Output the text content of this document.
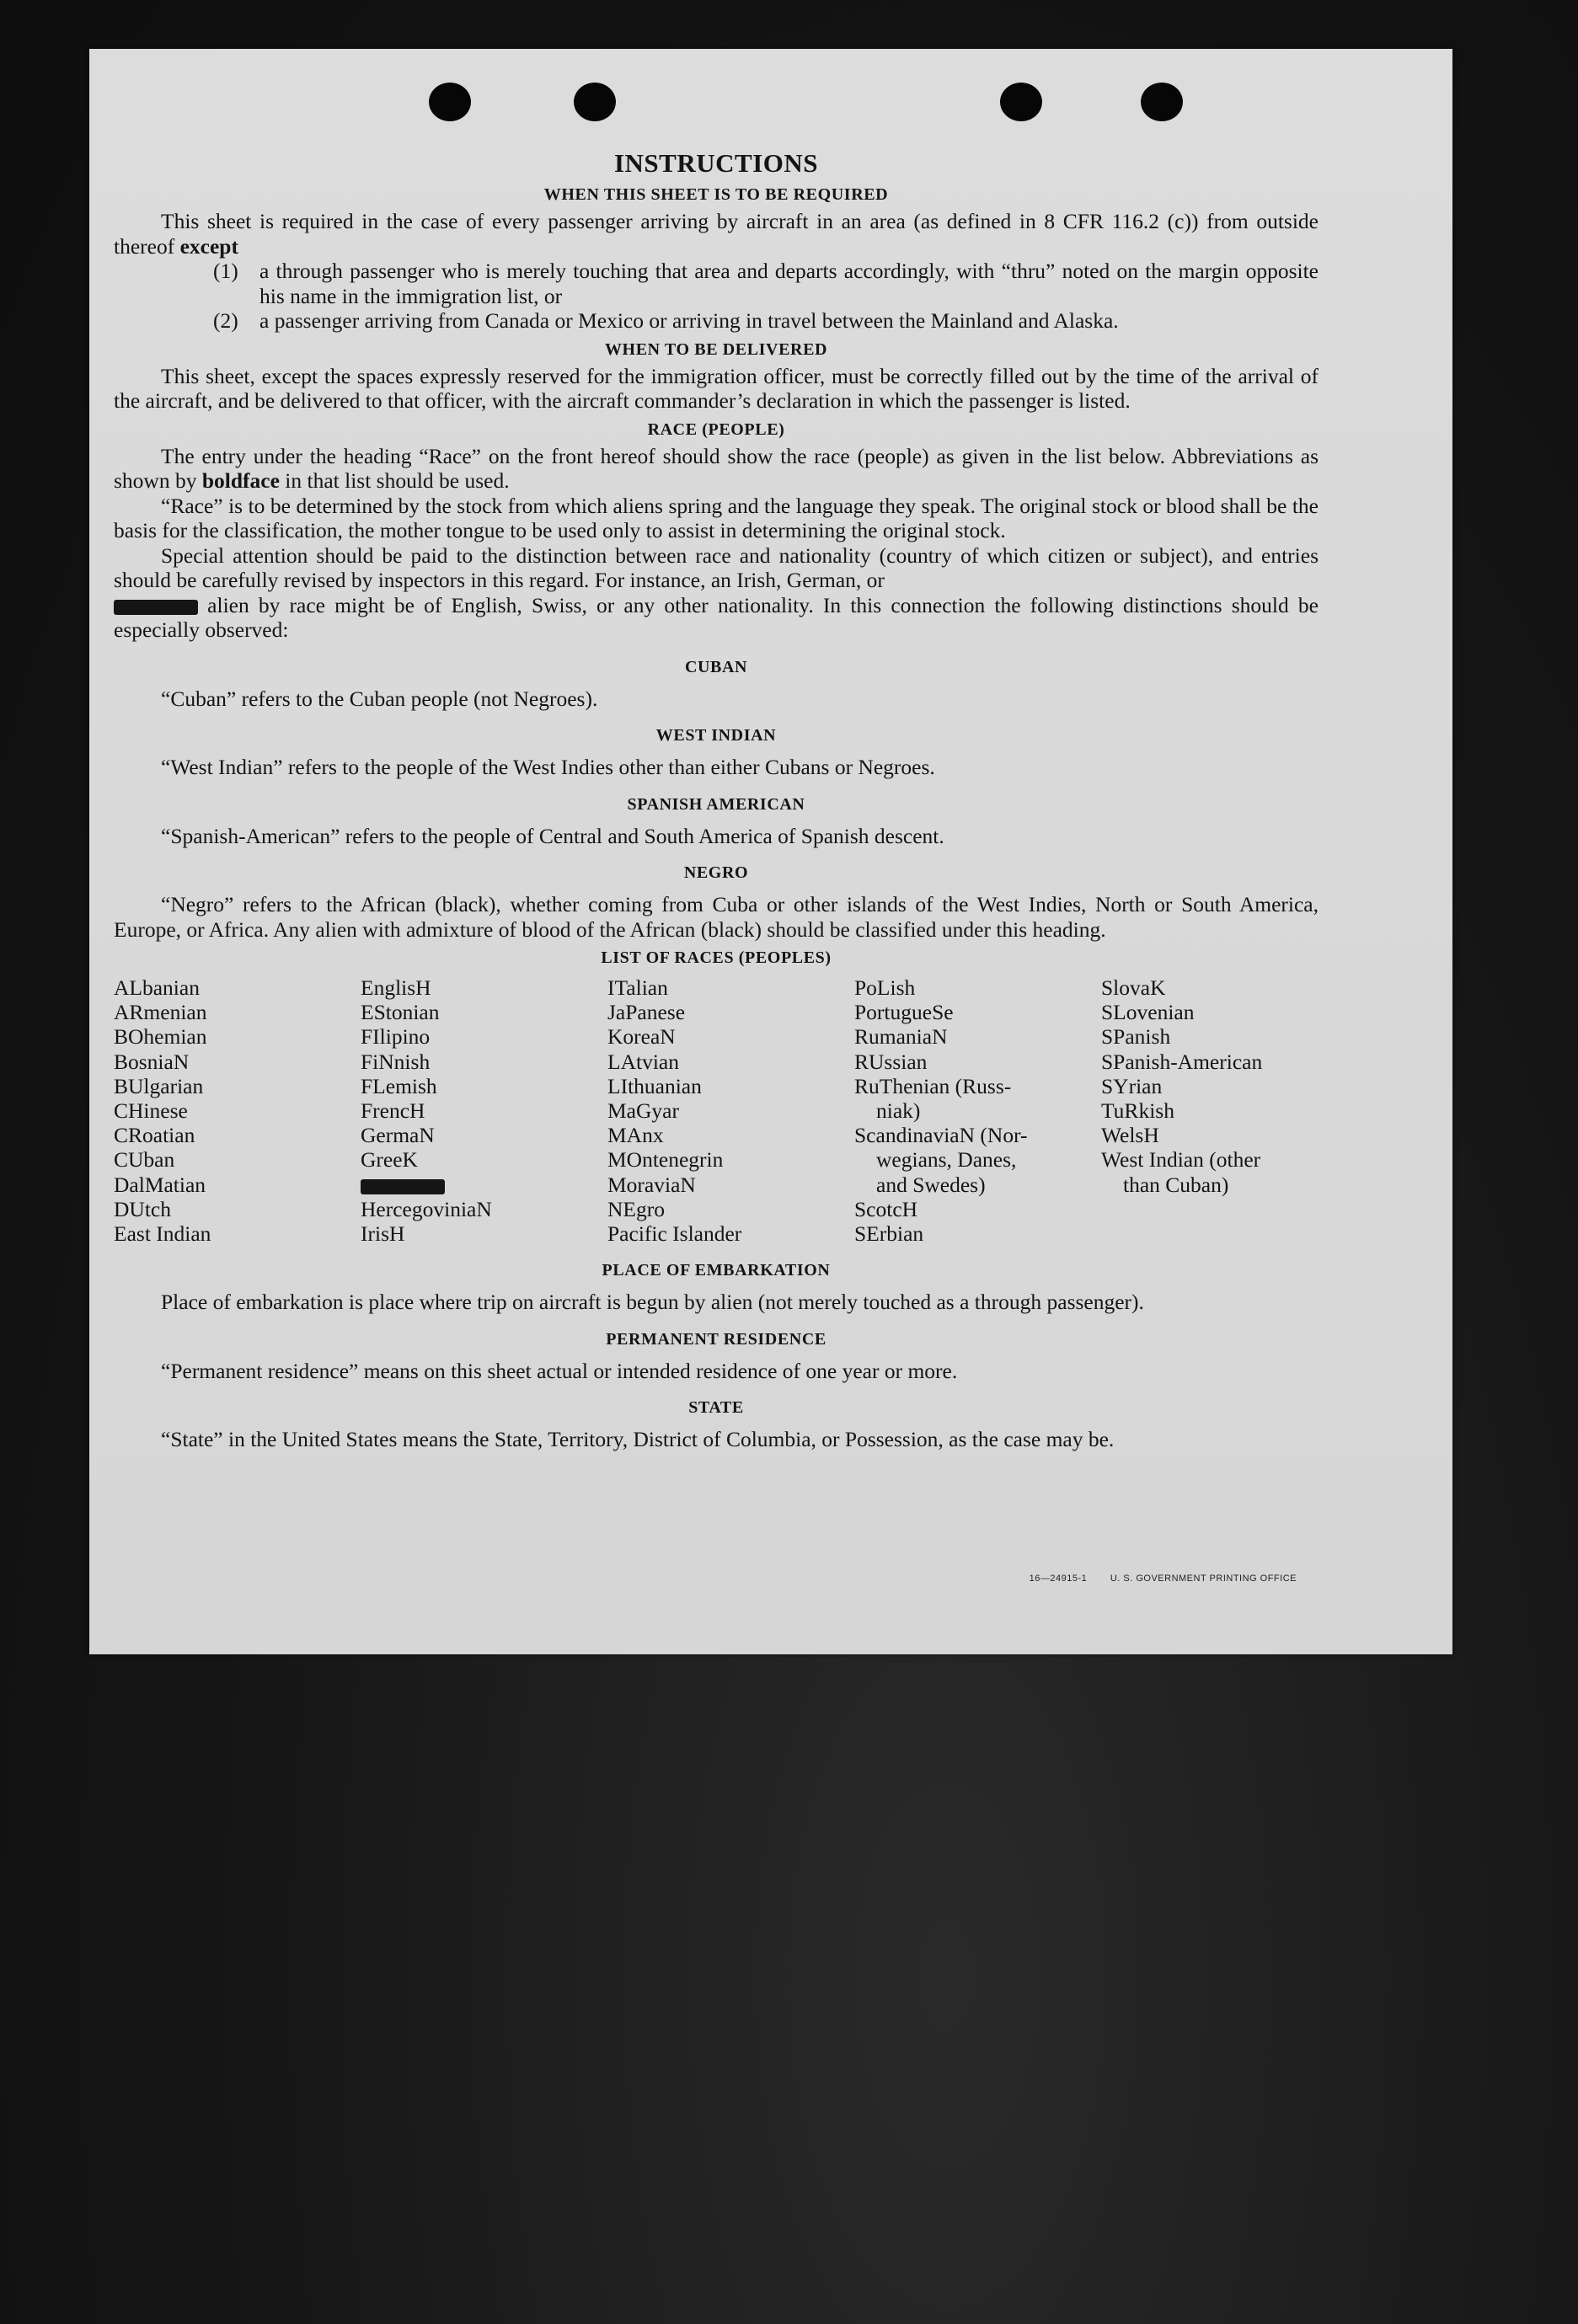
INSTRUCTIONS
WHEN THIS SHEET IS TO BE REQUIRED

This sheet is required in the case of every passenger arriving by aircraft in an area (as defined in 8 CFR 116.2 (c)) from outside thereof except

(1) a through passenger who is merely touching that area and departs accordingly, with “thru” noted on the margin opposite his name in the immigration list, or
(2) a passenger arriving from Canada or Mexico or arriving in travel between the Mainland and Alaska.
WHEN TO BE DELIVERED

This sheet, except the spaces expressly reserved for the immigration officer, must be correctly filled out by the time of the arrival of the aircraft, and be delivered to that officer, with the aircraft commander’s declaration in which the passenger is listed.

RACE (PEOPLE)

The entry under the heading “Race” on the front hereof should show the race (people) as given in the list below. Abbreviations as shown by boldface in that list should be used.

“Race” is to be determined by the stock from which aliens spring and the language they speak. The original stock or blood shall be the basis for the classification, the mother tongue to be used only to assist in determining the original stock.

Special attention should be paid to the distinction between race and nationality (country of which citizen or subject), and entries should be carefully revised by inspectors in this regard. For instance, an Irish, German, or
alien by race might be of English, Swiss, or any other nationality. In this connection the following distinctions should be especially observed:

CUBAN

“Cuban” refers to the Cuban people (not Negroes).

WEST INDIAN

“West Indian” refers to the people of the West Indies other than either Cubans or Negroes.

SPANISH AMERICAN

“Spanish-American” refers to the people of Central and South America of Spanish descent.

NEGRO

“Negro” refers to the African (black), whether coming from Cuba or other islands of the West Indies, North or South America, Europe, or Africa. Any alien with admixture of blood of the African (black) should be classified under this heading.

LIST OF RACES (PEOPLES)
ALbanian
ARmenian
BOhemian
BosniaN
BUlgarian
CHinese
CRoatian
CUban
DalMatian
DUtch
East Indian
EnglisH
EStonian
FIlipino
FiNnish
FLemish
FrencH
GermaN
GreeK
HercegoviniaN
IrisH
ITalian
JaPanese
KoreaN
LAtvian
LIthuanian
MaGyar
MAnx
MOntenegrin
MoraviaN
NEgro
Pacific Islander
PoLish
PortugueSe
RumaniaN
RUssian
RuThenian (Russ-
niak)
ScandinaviaN (Nor-
wegians, Danes,
and Swedes)
ScotcH
SErbian
SlovaK
SLovenian
SPanish
SPanish-American
SYrian
TuRkish
WelsH
West Indian (other
than Cuban)
PLACE OF EMBARKATION

Place of embarkation is place where trip on aircraft is begun by alien (not merely touched as a through passenger).

PERMANENT RESIDENCE

“Permanent residence” means on this sheet actual or intended residence of one year or more.

STATE

“State” in the United States means the State, Territory, District of Columbia, or Possession, as the case may be.

16—24915-1	U. S. GOVERNMENT PRINTING OFFICE
